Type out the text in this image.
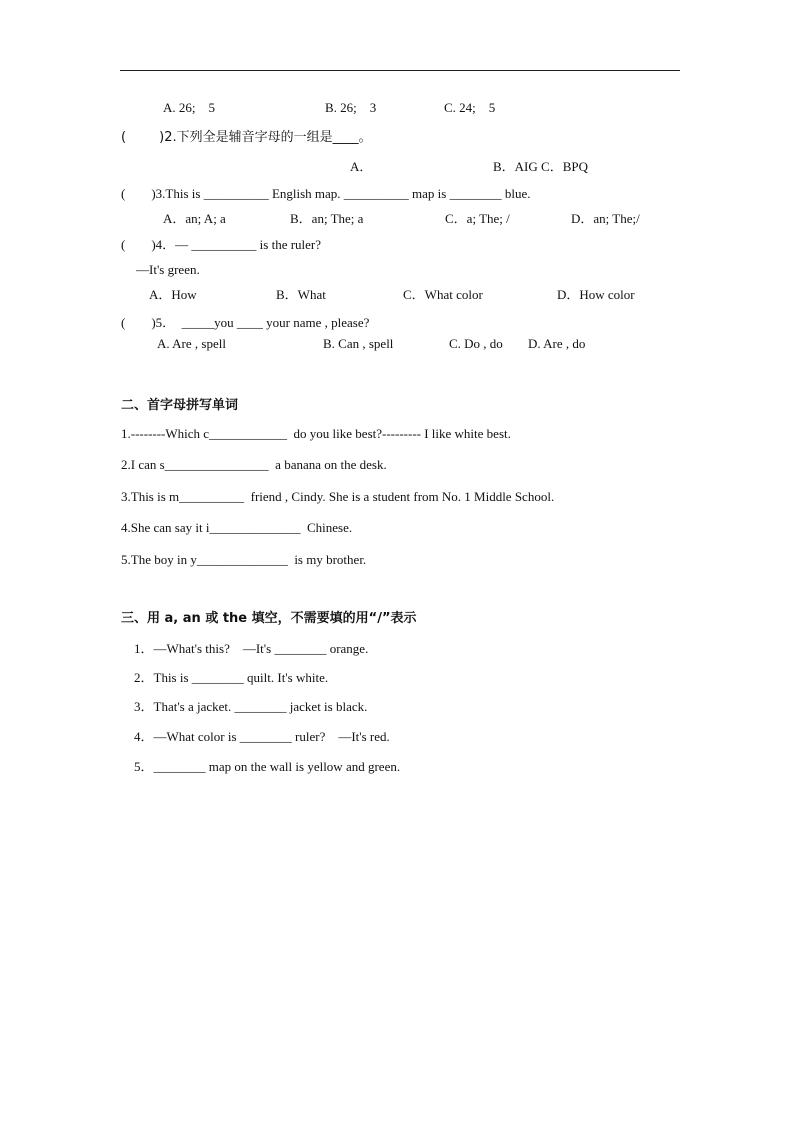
A. 26;    5	B. 26;    3	C. 24;    5
(        )2.下列全是辅音字母的一组是____。
A．	B．AIG C．BPQ
(        )3.This is __________ English map. __________ map is ________ blue.
A．an; A; a	B．an; The; a	C．a; The; /	D．an; The;/
(        )4．— __________ is the ruler?
—It's green.
A．How	B．What	C．What color	D．How color
(        )5．  _____you ____ your name , please?
A. Are , spell	B. Can , spell	C. Do , do D. Are , do
二、首字母拼写单词
1.--------Which c____________  do you like best?--------- I like white best.
2.I can s________________  a banana on the desk.
3.This is m__________  friend , Cindy. She is a student from No. 1 Middle School.
4.She can say it i______________  Chinese.
5.The boy in y______________  is my brother.
三、用 a, an 或 the 填空，不需要填的用“/”表示
1．—What's this?    —It's ________ orange.
2．This is ________ quilt. It's white.
3．That's a jacket. ________ jacket is black.
4．—What color is ________ ruler?    —It's red.
5．________ map on the wall is yellow and green.
